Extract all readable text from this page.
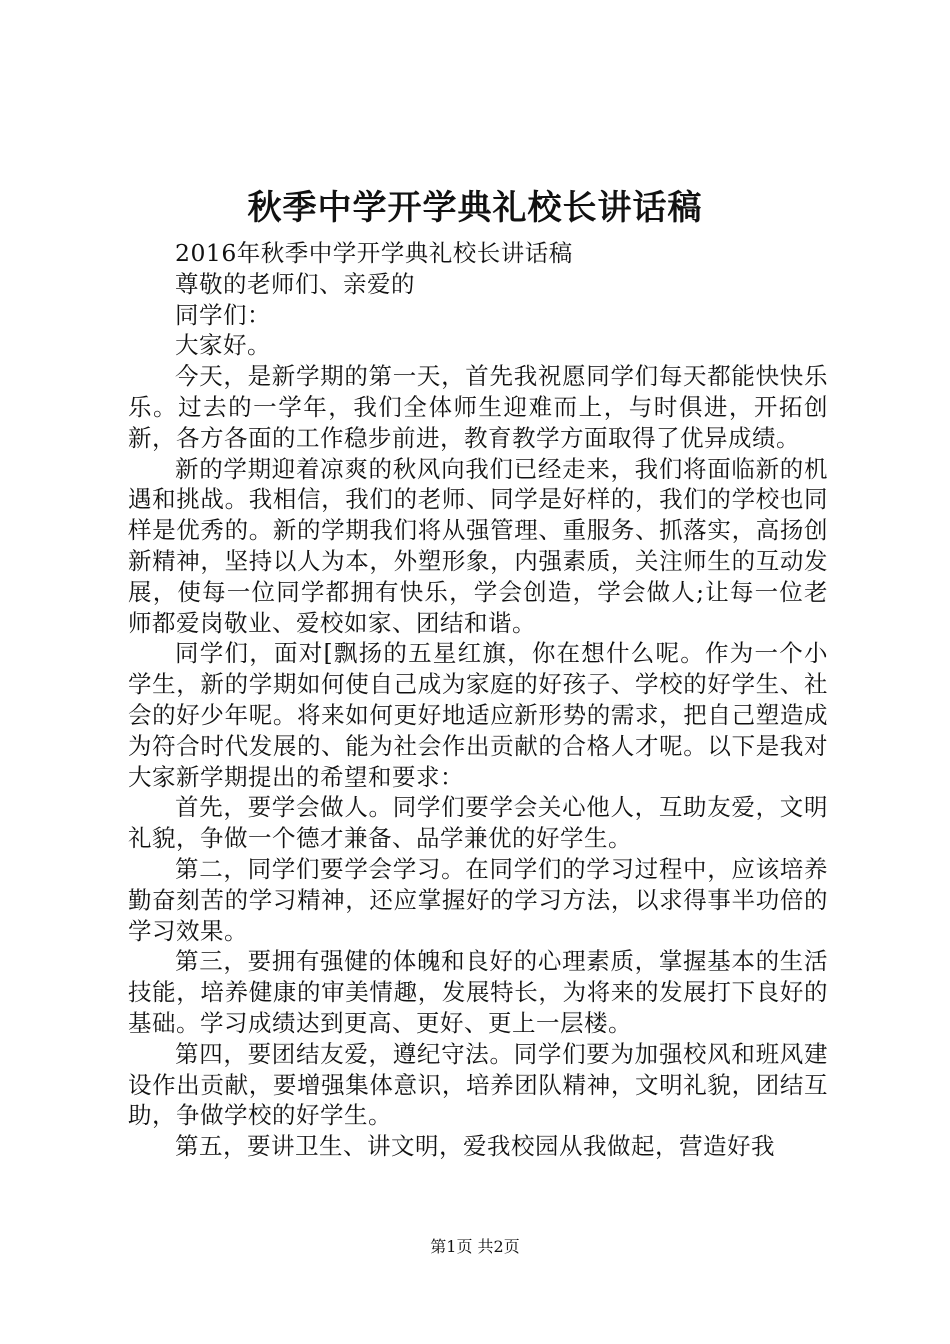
秋季中学开学典礼校长讲话稿

2016年秋季中学开学典礼校长讲话稿

尊敬的老师们、亲爱的

同学们：

大家好。

今天，是新学期的第一天，首先我祝愿同学们每天都能快快乐乐。过去的一学年，我们全体师生迎难而上，与时俱进，开拓创新，各方各面的工作稳步前进，教育教学方面取得了优异成绩。

新的学期迎着凉爽的秋风向我们已经走来，我们将面临新的机遇和挑战。我相信，我们的老师、同学是好样的，我们的学校也同样是优秀的。新的学期我们将从强管理、重服务、抓落实，高扬创新精神，坚持以人为本，外塑形象，内强素质，关注师生的互动发展，使每一位同学都拥有快乐，学会创造，学会做人;让每一位老师都爱岗敬业、爱校如家、团结和谐。

同学们，面对[飘扬的五星红旗，你在想什么呢。作为一个小学生，新的学期如何使自己成为家庭的好孩子、学校的好学生、社会的好少年呢。将来如何更好地适应新形势的需求，把自己塑造成为符合时代发展的、能为社会作出贡献的合格人才呢。以下是我对大家新学期提出的希望和要求：

首先，要学会做人。同学们要学会关心他人，互助友爱，文明礼貌，争做一个德才兼备、品学兼优的好学生。

第二，同学们要学会学习。在同学们的学习过程中，应该培养勤奋刻苦的学习精神，还应掌握好的学习方法，以求得事半功倍的学习效果。

第三，要拥有强健的体魄和良好的心理素质，掌握基本的生活技能，培养健康的审美情趣，发展特长，为将来的发展打下良好的基础。学习成绩达到更高、更好、更上一层楼。

第四，要团结友爱，遵纪守法。同学们要为加强校风和班风建设作出贡献，要增强集体意识，培养团队精神，文明礼貌，团结互助，争做学校的好学生。

第五，要讲卫生、讲文明，爱我校园从我做起，营造好我

第1页 共2页
